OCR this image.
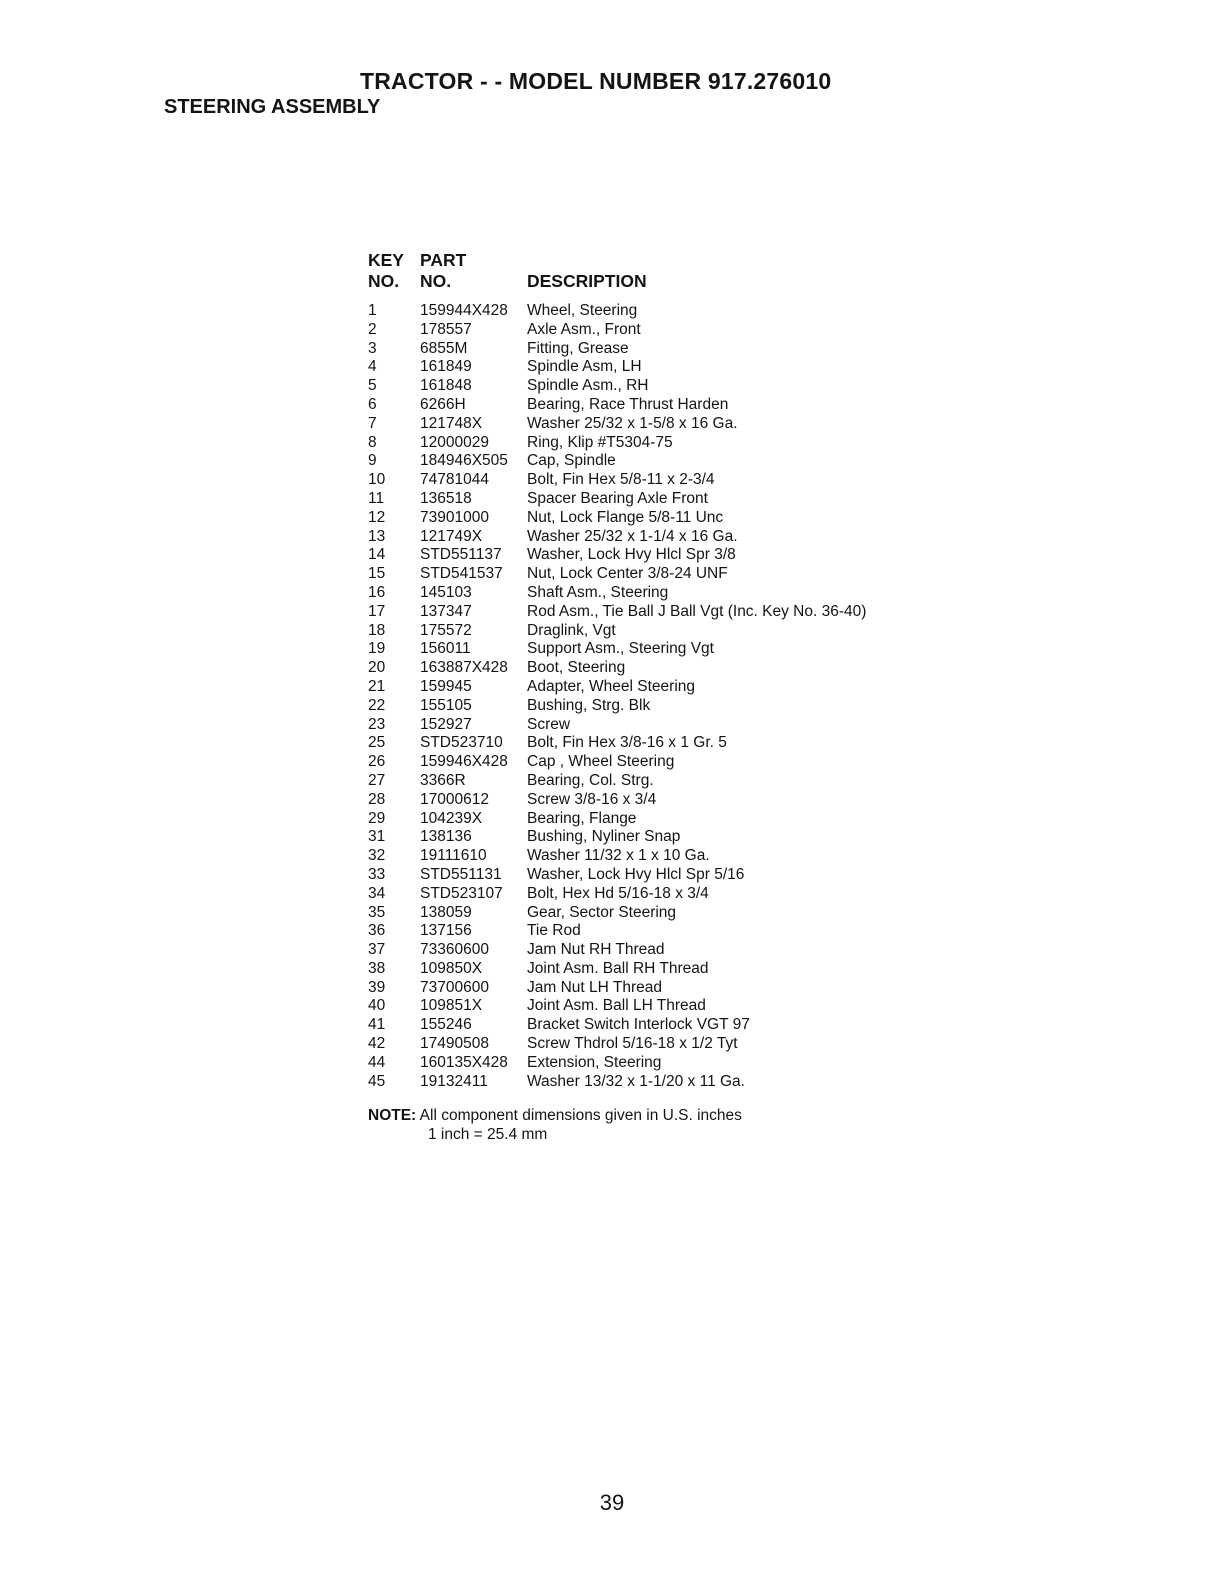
TRACTOR - - MODEL NUMBER 917.276010
STEERING ASSEMBLY
KEY PART
NO.	NO.	DESCRIPTION
1	159944X428	Wheel, Steering
2	178557	Axle Asm., Front
3	6855M	Fitting, Grease
4	161849	Spindle Asm, LH
5	161848	Spindle Asm., RH
6	6266H	Bearing, Race Thrust Harden
7	121748X	Washer 25/32 x 1-5/8 x 16 Ga.
8	12000029	Ring, Klip #T5304-75
9	184946X505	Cap, Spindle
10	74781044	Bolt, Fin Hex 5/8-11 x 2-3/4
11	136518	Spacer Bearing Axle Front
12	73901000	Nut, Lock Flange 5/8-11 Unc
13	121749X	Washer 25/32 x 1-1/4 x 16 Ga.
14	STD551137	Washer, Lock Hvy Hlcl Spr 3/8
15	STD541537	Nut, Lock Center 3/8-24 UNF
16	145103	Shaft Asm., Steering
17	137347	Rod Asm., Tie Ball J Ball Vgt (Inc. Key No. 36-40)
18	175572	Draglink, Vgt
19	156011	Support Asm., Steering Vgt
20	163887X428	Boot, Steering
21	159945	Adapter, Wheel Steering
22	155105	Bushing, Strg. Blk
23	152927	Screw
25	STD523710	Bolt, Fin Hex 3/8-16 x 1 Gr. 5
26	159946X428	Cap , Wheel Steering
27	3366R	Bearing, Col. Strg.
28	17000612	Screw 3/8-16 x 3/4
29	104239X	Bearing, Flange
31	138136	Bushing, Nyliner Snap
32	19111610	Washer 11/32 x 1 x 10 Ga.
33	STD551131	Washer, Lock Hvy Hlcl Spr 5/16
34	STD523107	Bolt, Hex Hd 5/16-18 x 3/4
35	138059	Gear, Sector Steering
36	137156	Tie Rod
37	73360600	Jam Nut RH Thread
38	109850X	Joint Asm. Ball RH Thread
39	73700600	Jam Nut LH Thread
40	109851X	Joint Asm. Ball LH Thread
41	155246	Bracket Switch Interlock VGT 97
42	17490508	Screw Thdrol 5/16-18 x 1/2 Tyt
44	160135X428	Extension, Steering
45	19132411	Washer 13/32 x 1-1/20 x 11 Ga.
NOTE: All component dimensions given in U.S. inches
1 inch = 25.4 mm
39
